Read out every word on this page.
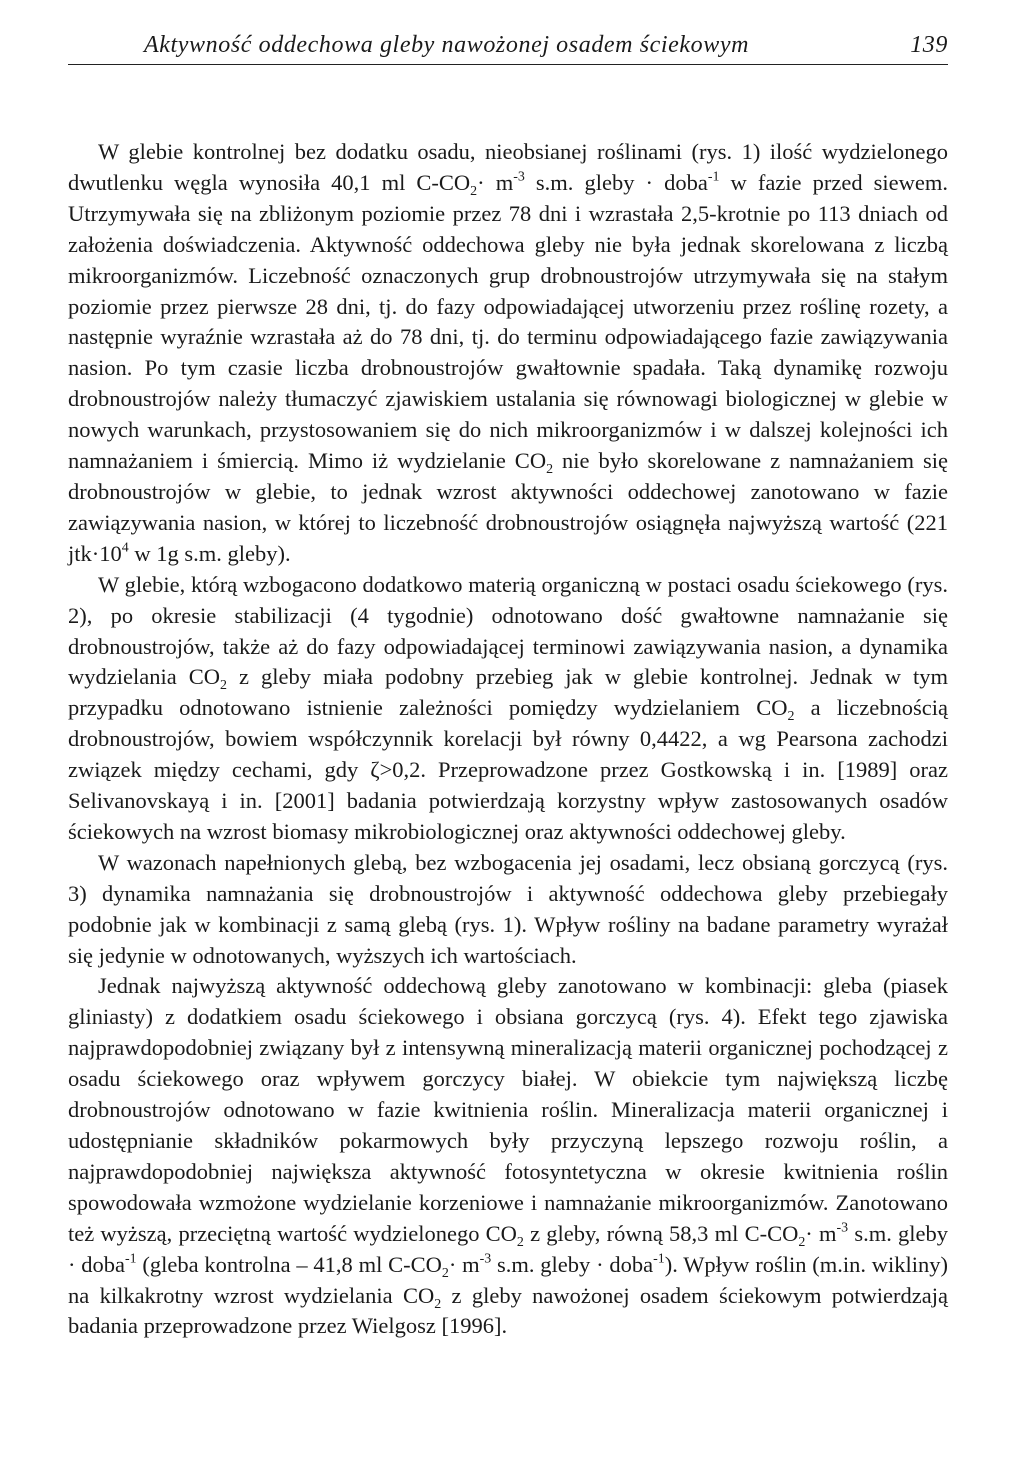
Aktywność oddechowa gleby nawożonej osadem ściekowym	139

W glebie kontrolnej bez dodatku osadu, nieobsianej roślinami (rys. 1) ilość wydzielonego dwutlenku węgla wynosiła 40,1 ml $C-CO_2\cdot m^{-3}$ s.m. gleby · doba$^{-1}$ w fazie przed siewem. Utrzymywała się na zbliżonym poziomie przez 78 dni i wzrastała 2,5-krotnie po 113 dniach od założenia doświadczenia. Aktywność oddechowa gleby nie była jednak skorelowana z liczbą mikroorganizmów. Liczebność oznaczonych grup drobnoustrojów utrzymywała się na stałym poziomie przez pierwsze 28 dni, tj. do fazy odpowiadającej utworzeniu przez roślinę rozety, a następnie wyraźnie wzrastała aż do 78 dni, tj. do terminu odpowiadającego fazie zawiązywania nasion. Po tym czasie liczba drobnoustrojów gwałtownie spadała. Taką dynamikę rozwoju drobnoustrojów należy tłumaczyć zjawiskiem ustalania się równowagi biologicznej w glebie w nowych warunkach, przystosowaniem się do nich mikroorganizmów i w dalszej kolejności ich namnażaniem i śmiercią. Mimo iż wydzielanie $CO_2$ nie było skorelowane z namnażaniem się drobnoustrojów w glebie, to jednak wzrost aktywności oddechowej zanotowano w fazie zawiązywania nasion, w której to liczebność drobnoustrojów osiągnęła najwyższą wartość (221 $jtk\cdot 10^4$ w 1g s.m. gleby).

W glebie, którą wzbogacono dodatkowo materią organiczną w postaci osadu ściekowego (rys. 2), po okresie stabilizacji (4 tygodnie) odnotowano dość gwałtowne namnażanie się drobnoustrojów, także aż do fazy odpowiadającej terminowi zawiązywania nasion, a dynamika wydzielania $CO_2$ z gleby miała podobny przebieg jak w glebie kontrolnej. Jednak w tym przypadku odnotowano istnienie zależności pomiędzy wydzielaniem $CO_2$ a liczebnością drobnoustrojów, bowiem współczynnik korelacji był równy 0,4422, a wg Pearsona zachodzi związek między cechami, gdy ζ>0,2. Przeprowadzone przez Gostkowską i in. [1989] oraz Selivanovskayą i in. [2001] badania potwierdzają korzystny wpływ zastosowanych osadów ściekowych na wzrost biomasy mikrobiologicznej oraz aktywności oddechowej gleby.

W wazonach napełnionych glebą, bez wzbogacenia jej osadami, lecz obsianą gorczycą (rys. 3) dynamika namnażania się drobnoustrojów i aktywność oddechowa gleby przebiegały podobnie jak w kombinacji z samą glebą (rys. 1). Wpływ rośliny na badane parametry wyrażał się jedynie w odnotowanych, wyższych ich wartościach.

Jednak najwyższą aktywność oddechową gleby zanotowano w kombinacji: gleba (piasek gliniasty) z dodatkiem osadu ściekowego i obsiana gorczycą (rys. 4). Efekt tego zjawiska najprawdopodobniej związany był z intensywną mineralizacją materii organicznej pochodzącej z osadu ściekowego oraz wpływem gorczycy białej. W obiekcie tym największą liczbę drobnoustrojów odnotowano w fazie kwitnienia roślin. Mineralizacja materii organicznej i udostępnianie składników pokarmowych były przyczyną lepszego rozwoju roślin, a najprawdopodobniej największa aktywność fotosyntetyczna w okresie kwitnienia roślin spowodowała wzmożone wydzielanie korzeniowe i namnażanie mikroorganizmów. Zanotowano też wyższą, przeciętną wartość wydzielonego $CO_2$ z gleby, równą 58,3 ml $C-CO_2\cdot m^{-3}$ s.m. gleby · doba$^{-1}$ (gleba kontrolna – 41,8 ml $C-CO_2\cdot m^{-3}$ s.m. gleby · doba$^{-1}$). Wpływ roślin (m.in. wikliny) na kilkakrotny wzrost wydzielania $CO_2$ z gleby nawożonej osadem ściekowym potwierdzają badania przeprowadzone przez Wielgosz [1996].
